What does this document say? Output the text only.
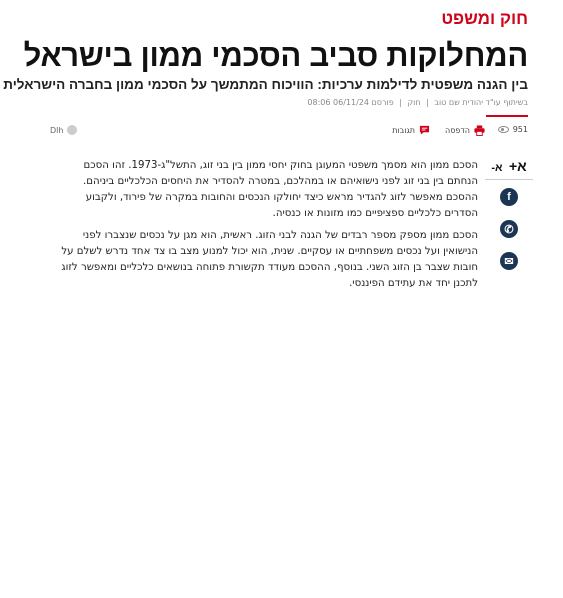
חוק ומשפט
המחלוקות סביב הסכמי ממון בישראל
בין הגנה משפטית לדילמות ערכיות: הוויכוח המתמשך על הסכמי ממון בחברה הישראלית
בשיתוף עו"ד יהודית שם טוב | חוק | פורסם 06/11/24 08:06
951
הדפסה
תגובות
Dlh
א+ א-
f
✆
✉

הסכם ממון הוא מסמך משפטי המעוגן בחוק יחסי ממון בין בני זוג, התשל"ג-1973. זהו הסכם הנחתם בין בני זוג לפני נישואיהם או במהלכם, במטרה להסדיר את היחסים הכלכליים ביניהם. ההסכם מאפשר לזוג להגדיר מראש כיצד יחולקו הנכסים והחובות במקרה של פירוד, ולקבוע הסדרים כלכליים ספציפיים כמו מזונות או כנסיה.

הסכם ממון מספק מספר רבדים של הגנה לבני הזוג. ראשית, הוא מגן על נכסים שנצברו לפני הנישואין ועל נכסים משפחתיים או עסקיים. שנית, הוא יכול למנוע מצב בו צד אחד נדרש לשלם על חובות שצבר בן הזוג השני. בנוסף, ההסכם מעודד תקשורת פתוחה בנושאים כלכליים ומאפשר לזוג לתכנן יחד את עתידם הפיננסי.
